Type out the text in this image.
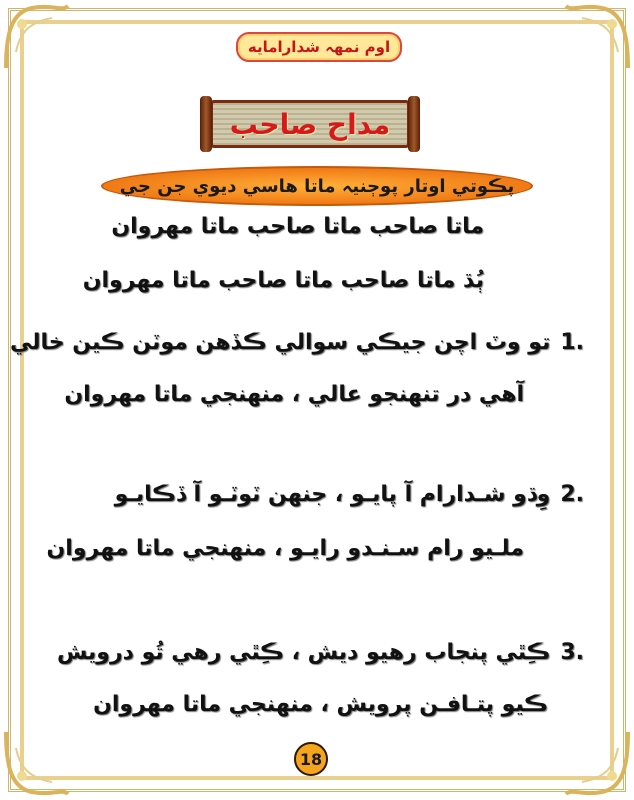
اوم نمهہ شدارامایه
مداح صاحب
پڪوتي اوتار پوڄنيہ ماتا هاسي ديوي جن جي
ماتا صاحب ماتا صاحب ماتا مهروان
ٻُڌ ماتا صاحب ماتا صاحب ماتا مهروان
1.تو وٽ اچن جيڪي سوالي ڪڏهن موٽن ڪين خالي
آهي در تنهنجو عالي ، منهنجي ماتا مهروان
2.وِڌو شـدارام آ پايـو ، جنهن ٽوٽـو آ ڏڪايـو
ملـيو رام سـنـدو رايـو ، منهنجي ماتا مهروان
3.ڪِٿي پنجاب رهيو ديش ، ڪِٿي رهي تُو درويش
ڪيو پتـافـن پرويش ، منهنجي ماتا مهروان
18
